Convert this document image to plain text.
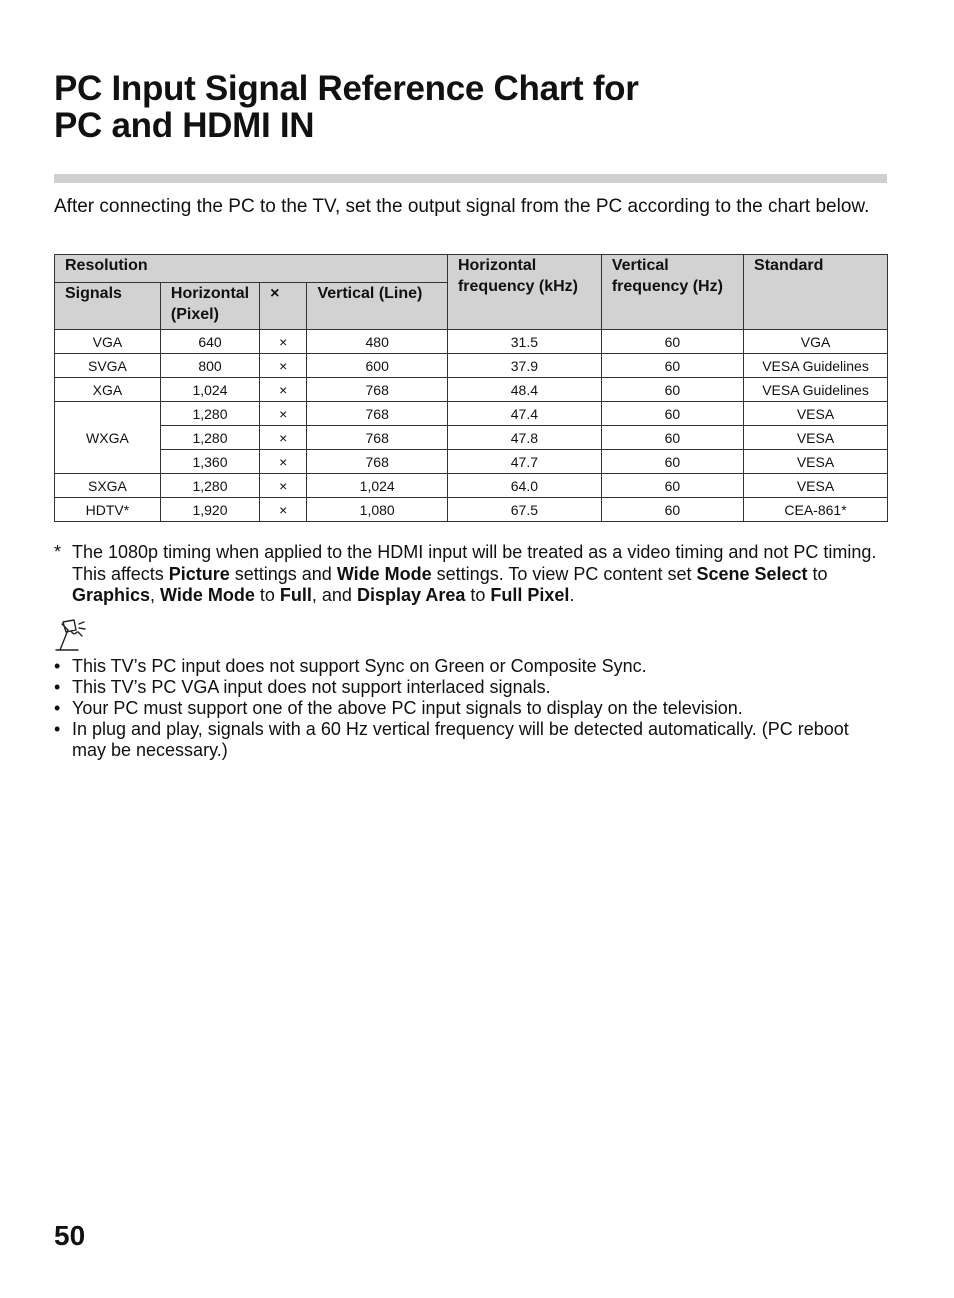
PC Input Signal Reference Chart for
PC and HDMI IN

After connecting the PC to the TV, set the output signal from the PC according to the chart below.

Resolution				Horizontal frequency (kHz)	Vertical frequency (Hz)	Standard
Signals	Horizontal (Pixel)	×	Vertical (Line)			
VGA	640	×	480	31.5	60	VGA
SVGA	800	×	600	37.9	60	VESA Guidelines
XGA	1,024	×	768	48.4	60	VESA Guidelines
WXGA	1,280	×	768	47.4	60	VESA
	1,280	×	768	47.8	60	VESA
	1,360	×	768	47.7	60	VESA
SXGA	1,280	×	1,024	64.0	60	VESA
HDTV*	1,920	×	1,080	67.5	60	CEA-861*
* The 1080p timing when applied to the HDMI input will be treated as a video timing and not PC timing. This affects Picture settings and Wide Mode settings. To view PC content set Scene Select to Graphics, Wide Mode to Full, and Display Area to Full Pixel.

• This TV’s PC input does not support Sync on Green or Composite Sync.
• This TV’s PC VGA input does not support interlaced signals.
• Your PC must support one of the above PC input signals to display on the television.
• In plug and play, signals with a 60 Hz vertical frequency will be detected automatically. (PC reboot may be necessary.)
50
